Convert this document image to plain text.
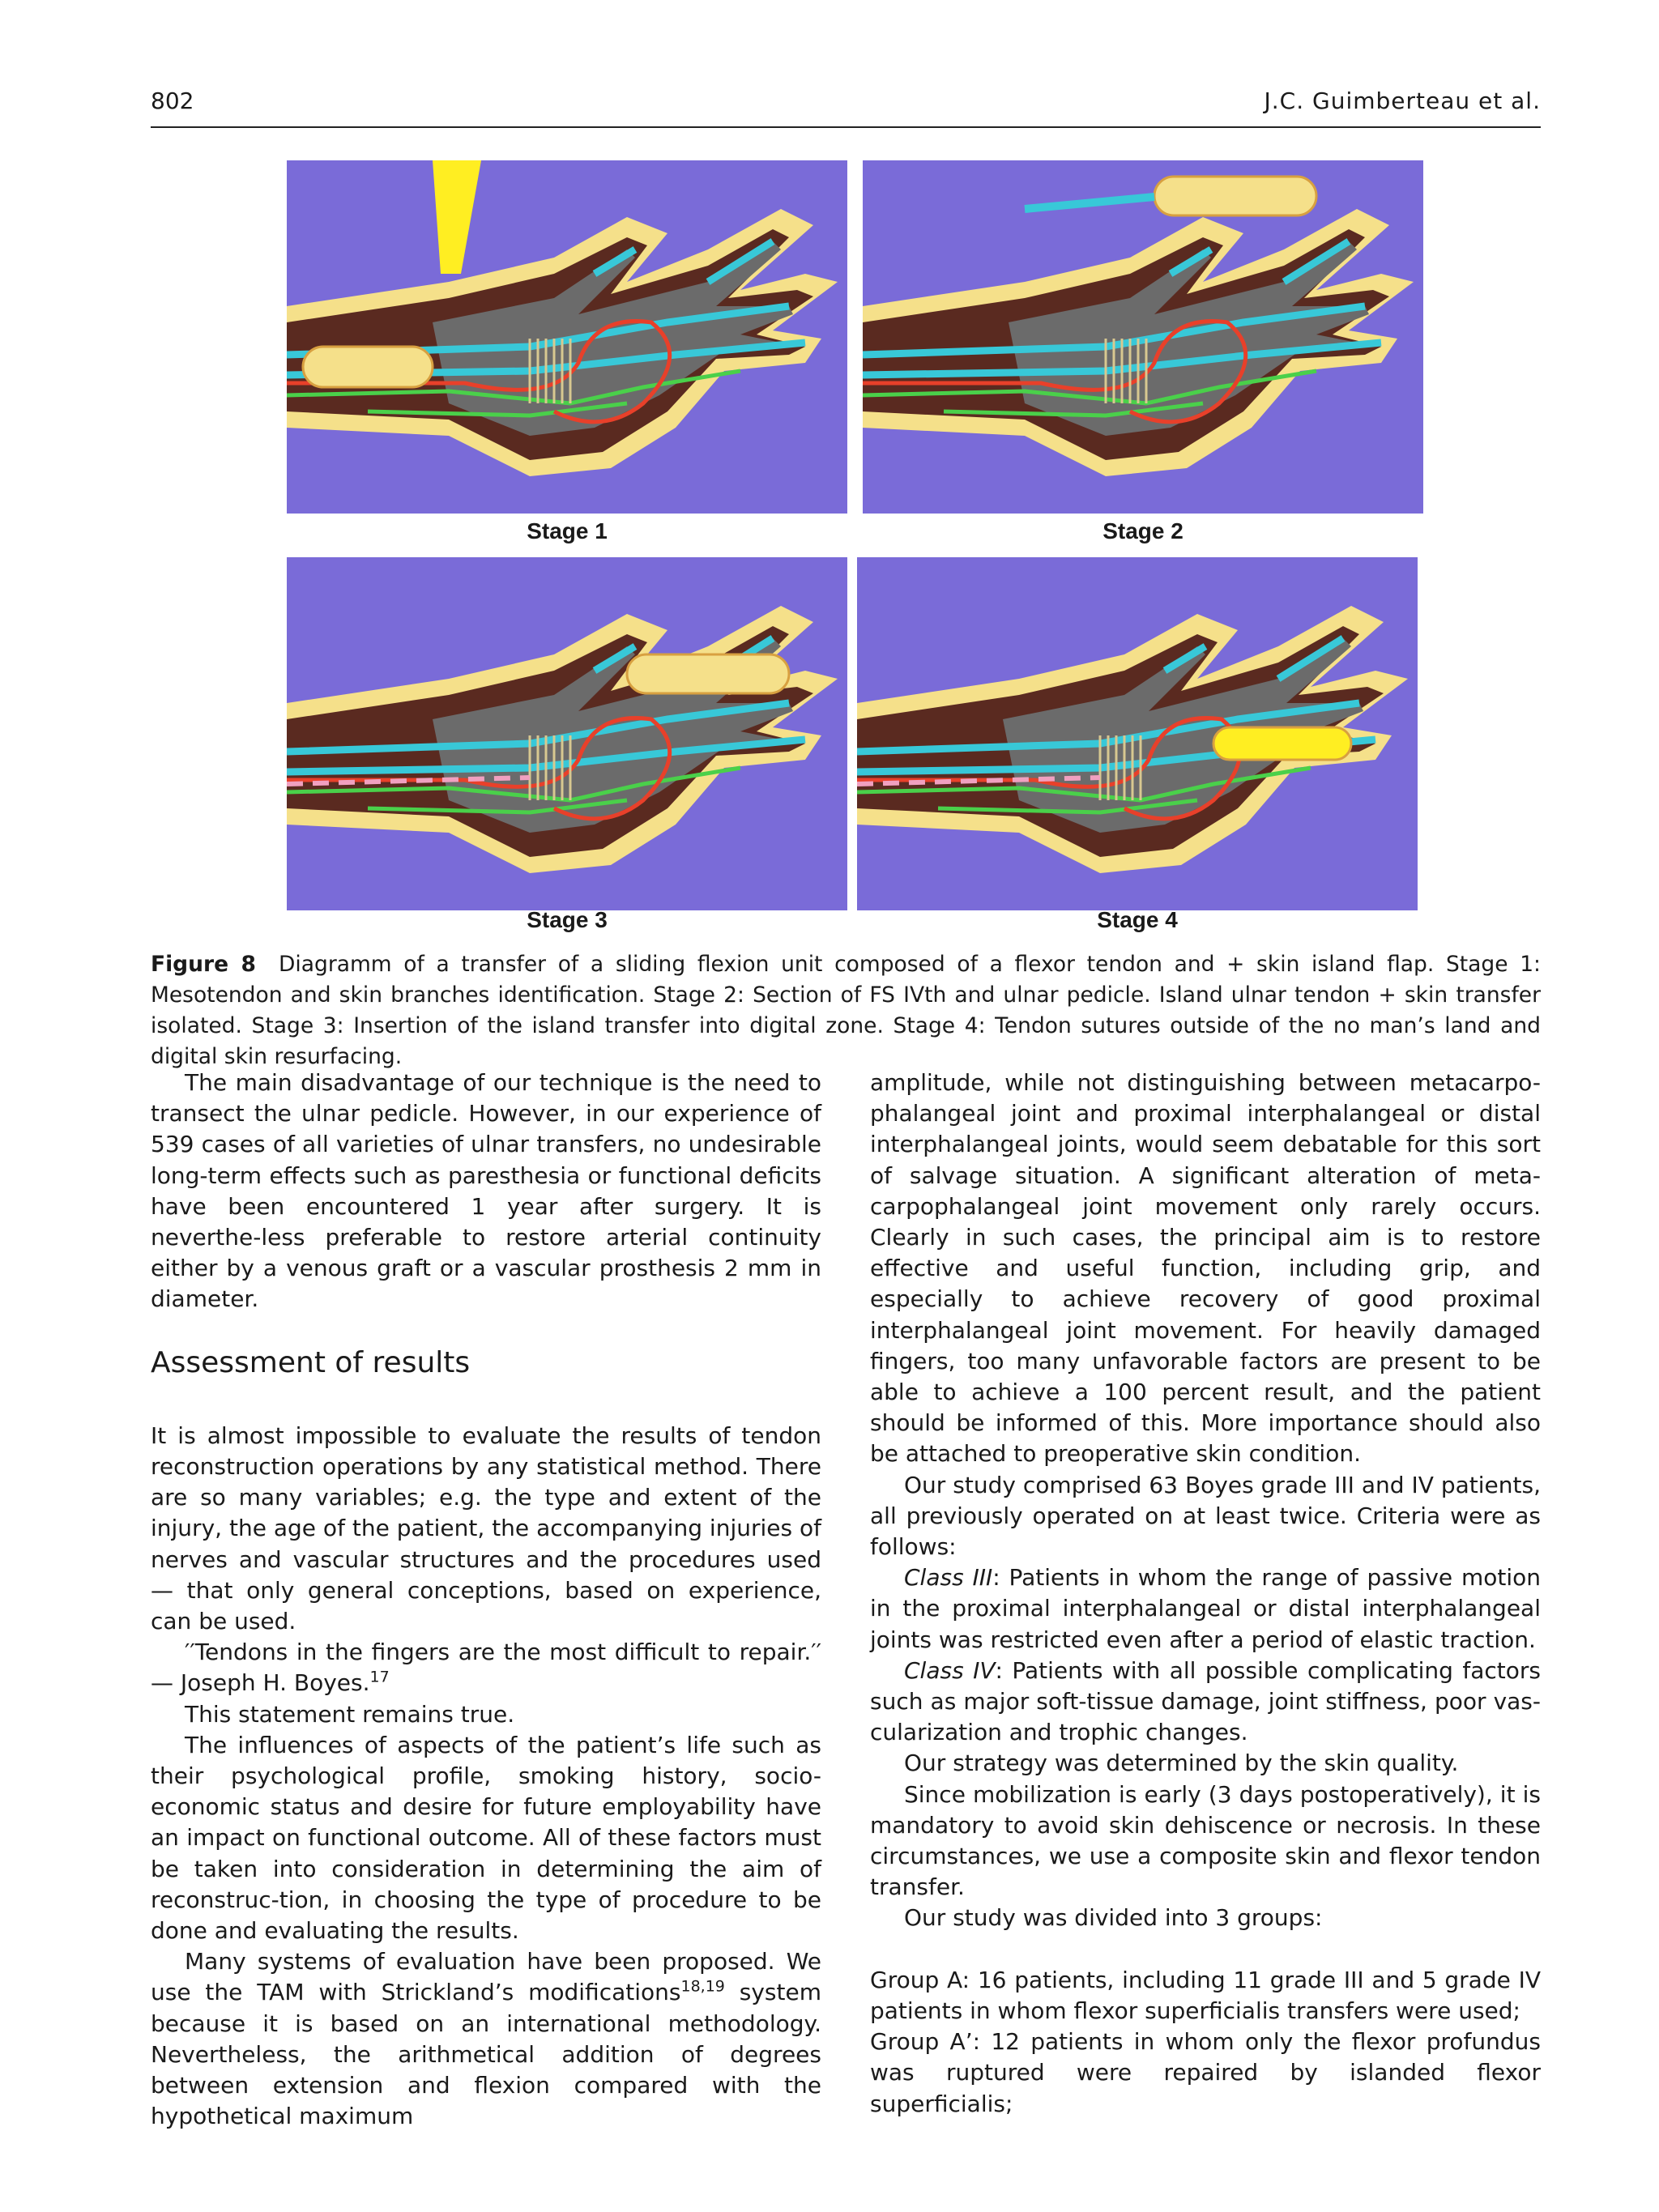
802	J.C. Guimberteau et al.
Stage 1	Stage 2
Stage 3	Stage 4
Figure 8 Diagramm of a transfer of a sliding flexion unit composed of a flexor tendon and + skin island flap. Stage 1: Mesotendon and skin branches identification. Stage 2: Section of FS IVth and ulnar pedicle. Island ulnar tendon + skin transfer isolated. Stage 3: Insertion of the island transfer into digital zone. Stage 4: Tendon sutures outside of the no man’s land and digital skin resurfacing.

The main disadvantage of our technique is the need to transect the ulnar pedicle. However, in our experience of 539 cases of all varieties of ulnar transfers, no undesirable long-term effects such as paresthesia or functional deficits have been encountered 1 year after surgery. It is neverthe-less preferable to restore arterial continuity either by a venous graft or a vascular prosthesis 2 mm in diameter.

Assessment of results

It is almost impossible to evaluate the results of tendon reconstruction operations by any statistical method. There are so many variables; e.g. the type and extent of the injury, the age of the patient, the accompanying injuries of nerves and vascular structures and the procedures used — that only general conceptions, based on experience, can be used.

′′Tendons in the fingers are the most difficult to repair.′′ — Joseph H. Boyes.$^{17}$

This statement remains true.

The influences of aspects of the patient’s life such as their psychological profile, smoking history, socio-economic status and desire for future employability have an impact on functional outcome. All of these factors must be taken into consideration in determining the aim of reconstruc-tion, in choosing the type of procedure to be done and evaluating the results.

Many systems of evaluation have been proposed. We use the TAM with Strickland’s modifications$^{18,19}$ system because it is based on an international methodology. Nevertheless, the arithmetical addition of degrees between extension and flexion compared with the hypothetical maximum

amplitude, while not distinguishing between metacarpo-phalangeal joint and proximal interphalangeal or distal interphalangeal joints, would seem debatable for this sort of salvage situation. A significant alteration of meta-carpophalangeal joint movement only rarely occurs. Clearly in such cases, the principal aim is to restore effective and useful function, including grip, and especially to achieve recovery of good proximal interphalangeal joint movement. For heavily damaged fingers, too many unfavorable factors are present to be able to achieve a 100 percent result, and the patient should be informed of this. More importance should also be attached to preoperative skin condition.

Our study comprised 63 Boyes grade III and IV patients, all previously operated on at least twice. Criteria were as follows:

Class III: Patients in whom the range of passive motion in the proximal interphalangeal or distal interphalangeal joints was restricted even after a period of elastic traction.

Class IV: Patients with all possible complicating factors such as major soft-tissue damage, joint stiffness, poor vas-cularization and trophic changes.

Our strategy was determined by the skin quality.

Since mobilization is early (3 days postoperatively), it is mandatory to avoid skin dehiscence or necrosis. In these circumstances, we use a composite skin and flexor tendon transfer.

Our study was divided into 3 groups:

Group A: 16 patients, including 11 grade III and 5 grade IV patients in whom flexor superficialis transfers were used;

Group A’: 12 patients in whom only the flexor profundus was ruptured were repaired by islanded flexor superficialis;
